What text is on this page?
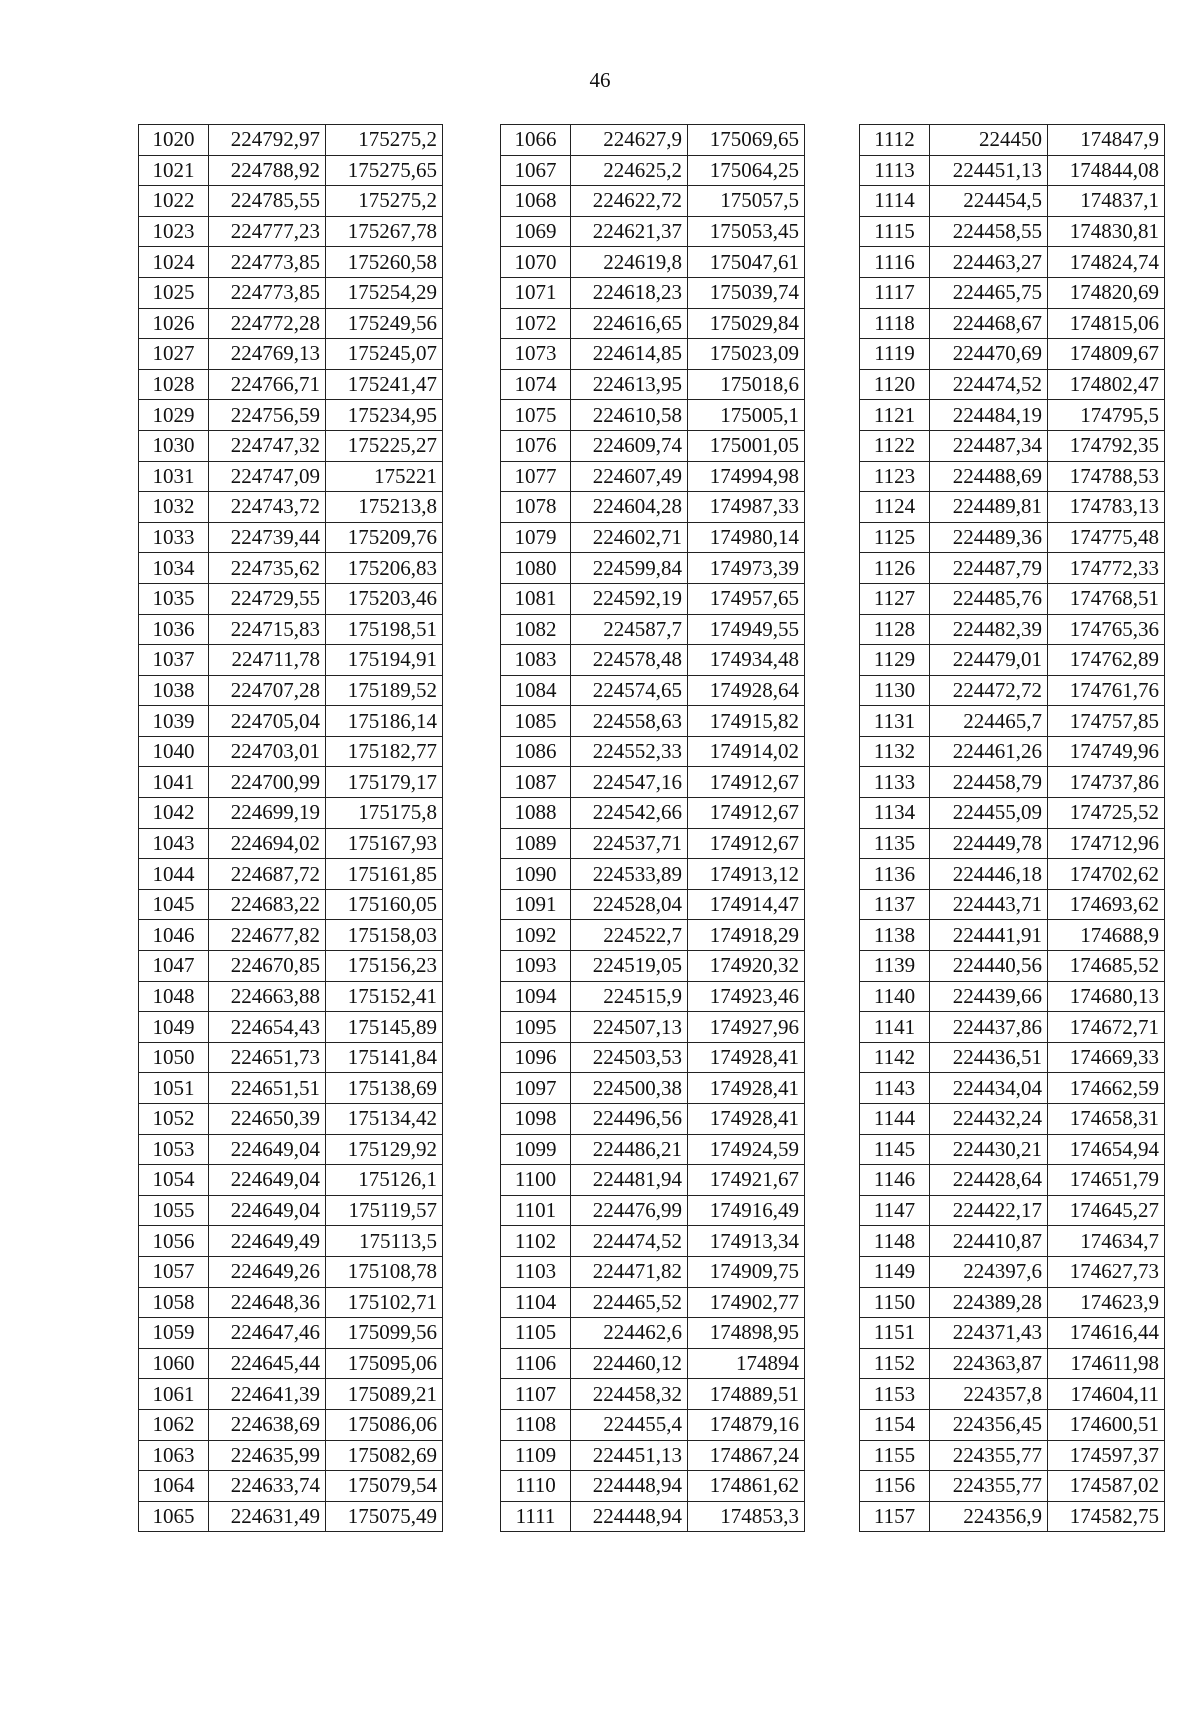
46
1020	224792,97	175275,2
1021	224788,92	175275,65
1022	224785,55	175275,2
1023	224777,23	175267,78
1024	224773,85	175260,58
1025	224773,85	175254,29
1026	224772,28	175249,56
1027	224769,13	175245,07
1028	224766,71	175241,47
1029	224756,59	175234,95
1030	224747,32	175225,27
1031	224747,09	175221
1032	224743,72	175213,8
1033	224739,44	175209,76
1034	224735,62	175206,83
1035	224729,55	175203,46
1036	224715,83	175198,51
1037	224711,78	175194,91
1038	224707,28	175189,52
1039	224705,04	175186,14
1040	224703,01	175182,77
1041	224700,99	175179,17
1042	224699,19	175175,8
1043	224694,02	175167,93
1044	224687,72	175161,85
1045	224683,22	175160,05
1046	224677,82	175158,03
1047	224670,85	175156,23
1048	224663,88	175152,41
1049	224654,43	175145,89
1050	224651,73	175141,84
1051	224651,51	175138,69
1052	224650,39	175134,42
1053	224649,04	175129,92
1054	224649,04	175126,1
1055	224649,04	175119,57
1056	224649,49	175113,5
1057	224649,26	175108,78
1058	224648,36	175102,71
1059	224647,46	175099,56
1060	224645,44	175095,06
1061	224641,39	175089,21
1062	224638,69	175086,06
1063	224635,99	175082,69
1064	224633,74	175079,54
1065	224631,49	175075,49
1066	224627,9	175069,65
1067	224625,2	175064,25
1068	224622,72	175057,5
1069	224621,37	175053,45
1070	224619,8	175047,61
1071	224618,23	175039,74
1072	224616,65	175029,84
1073	224614,85	175023,09
1074	224613,95	175018,6
1075	224610,58	175005,1
1076	224609,74	175001,05
1077	224607,49	174994,98
1078	224604,28	174987,33
1079	224602,71	174980,14
1080	224599,84	174973,39
1081	224592,19	174957,65
1082	224587,7	174949,55
1083	224578,48	174934,48
1084	224574,65	174928,64
1085	224558,63	174915,82
1086	224552,33	174914,02
1087	224547,16	174912,67
1088	224542,66	174912,67
1089	224537,71	174912,67
1090	224533,89	174913,12
1091	224528,04	174914,47
1092	224522,7	174918,29
1093	224519,05	174920,32
1094	224515,9	174923,46
1095	224507,13	174927,96
1096	224503,53	174928,41
1097	224500,38	174928,41
1098	224496,56	174928,41
1099	224486,21	174924,59
1100	224481,94	174921,67
1101	224476,99	174916,49
1102	224474,52	174913,34
1103	224471,82	174909,75
1104	224465,52	174902,77
1105	224462,6	174898,95
1106	224460,12	174894
1107	224458,32	174889,51
1108	224455,4	174879,16
1109	224451,13	174867,24
1110	224448,94	174861,62
1111	224448,94	174853,3
1112	224450	174847,9
1113	224451,13	174844,08
1114	224454,5	174837,1
1115	224458,55	174830,81
1116	224463,27	174824,74
1117	224465,75	174820,69
1118	224468,67	174815,06
1119	224470,69	174809,67
1120	224474,52	174802,47
1121	224484,19	174795,5
1122	224487,34	174792,35
1123	224488,69	174788,53
1124	224489,81	174783,13
1125	224489,36	174775,48
1126	224487,79	174772,33
1127	224485,76	174768,51
1128	224482,39	174765,36
1129	224479,01	174762,89
1130	224472,72	174761,76
1131	224465,7	174757,85
1132	224461,26	174749,96
1133	224458,79	174737,86
1134	224455,09	174725,52
1135	224449,78	174712,96
1136	224446,18	174702,62
1137	224443,71	174693,62
1138	224441,91	174688,9
1139	224440,56	174685,52
1140	224439,66	174680,13
1141	224437,86	174672,71
1142	224436,51	174669,33
1143	224434,04	174662,59
1144	224432,24	174658,31
1145	224430,21	174654,94
1146	224428,64	174651,79
1147	224422,17	174645,27
1148	224410,87	174634,7
1149	224397,6	174627,73
1150	224389,28	174623,9
1151	224371,43	174616,44
1152	224363,87	174611,98
1153	224357,8	174604,11
1154	224356,45	174600,51
1155	224355,77	174597,37
1156	224355,77	174587,02
1157	224356,9	174582,75
